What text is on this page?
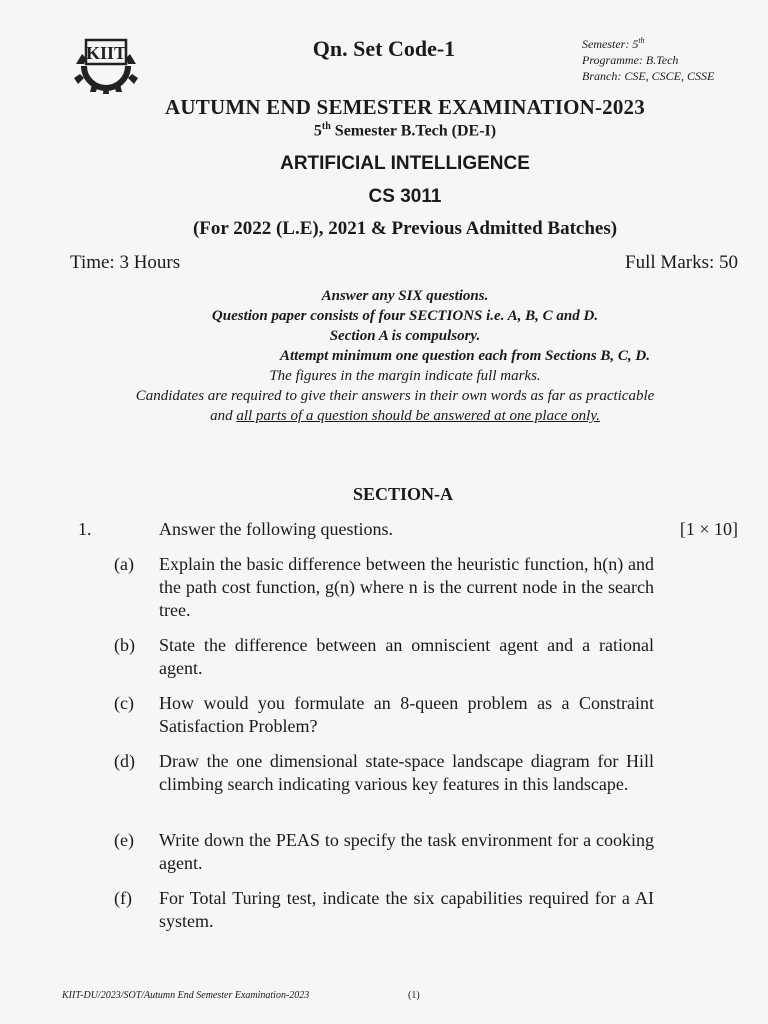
KIIT	Qn. Set Code-1	Semester: 5th
Programme: B.Tech
Branch: CSE, CSCE, CSSE
AUTUMN END SEMESTER EXAMINATION-2023
5th Semester B.Tech (DE-I)
ARTIFICIAL INTELLIGENCE
CS 3011
(For 2022 (L.E), 2021 & Previous Admitted Batches)
Time: 3 Hours	Full Marks: 50
Answer any SIX questions.
Question paper consists of four SECTIONS i.e. A, B, C and D.
Section A is compulsory.
Attempt minimum one question each from Sections B, C, D.
The figures in the margin indicate full marks.
Candidates are required to give their answers in their own words as far as practicable
and all parts of a question should be answered at one place only.
SECTION-A
1.	Answer the following questions.	[1 × 10]
(a) Explain the basic difference between the heuristic function, h(n) and the path cost function, g(n) where n is the current node in the search tree.
(b) State the difference between an omniscient agent and a rational agent.
(c) How would you formulate an 8-queen problem as a Constraint Satisfaction Problem?
(d) Draw the one dimensional state-space landscape diagram for Hill climbing search indicating various key features in this landscape.
(e) Write down the PEAS to specify the task environment for a cooking agent.
(f) For Total Turing test, indicate the six capabilities required for a AI system.
KIIT-DU/2023/SOT/Autumn End Semester Examination-2023	(1)
